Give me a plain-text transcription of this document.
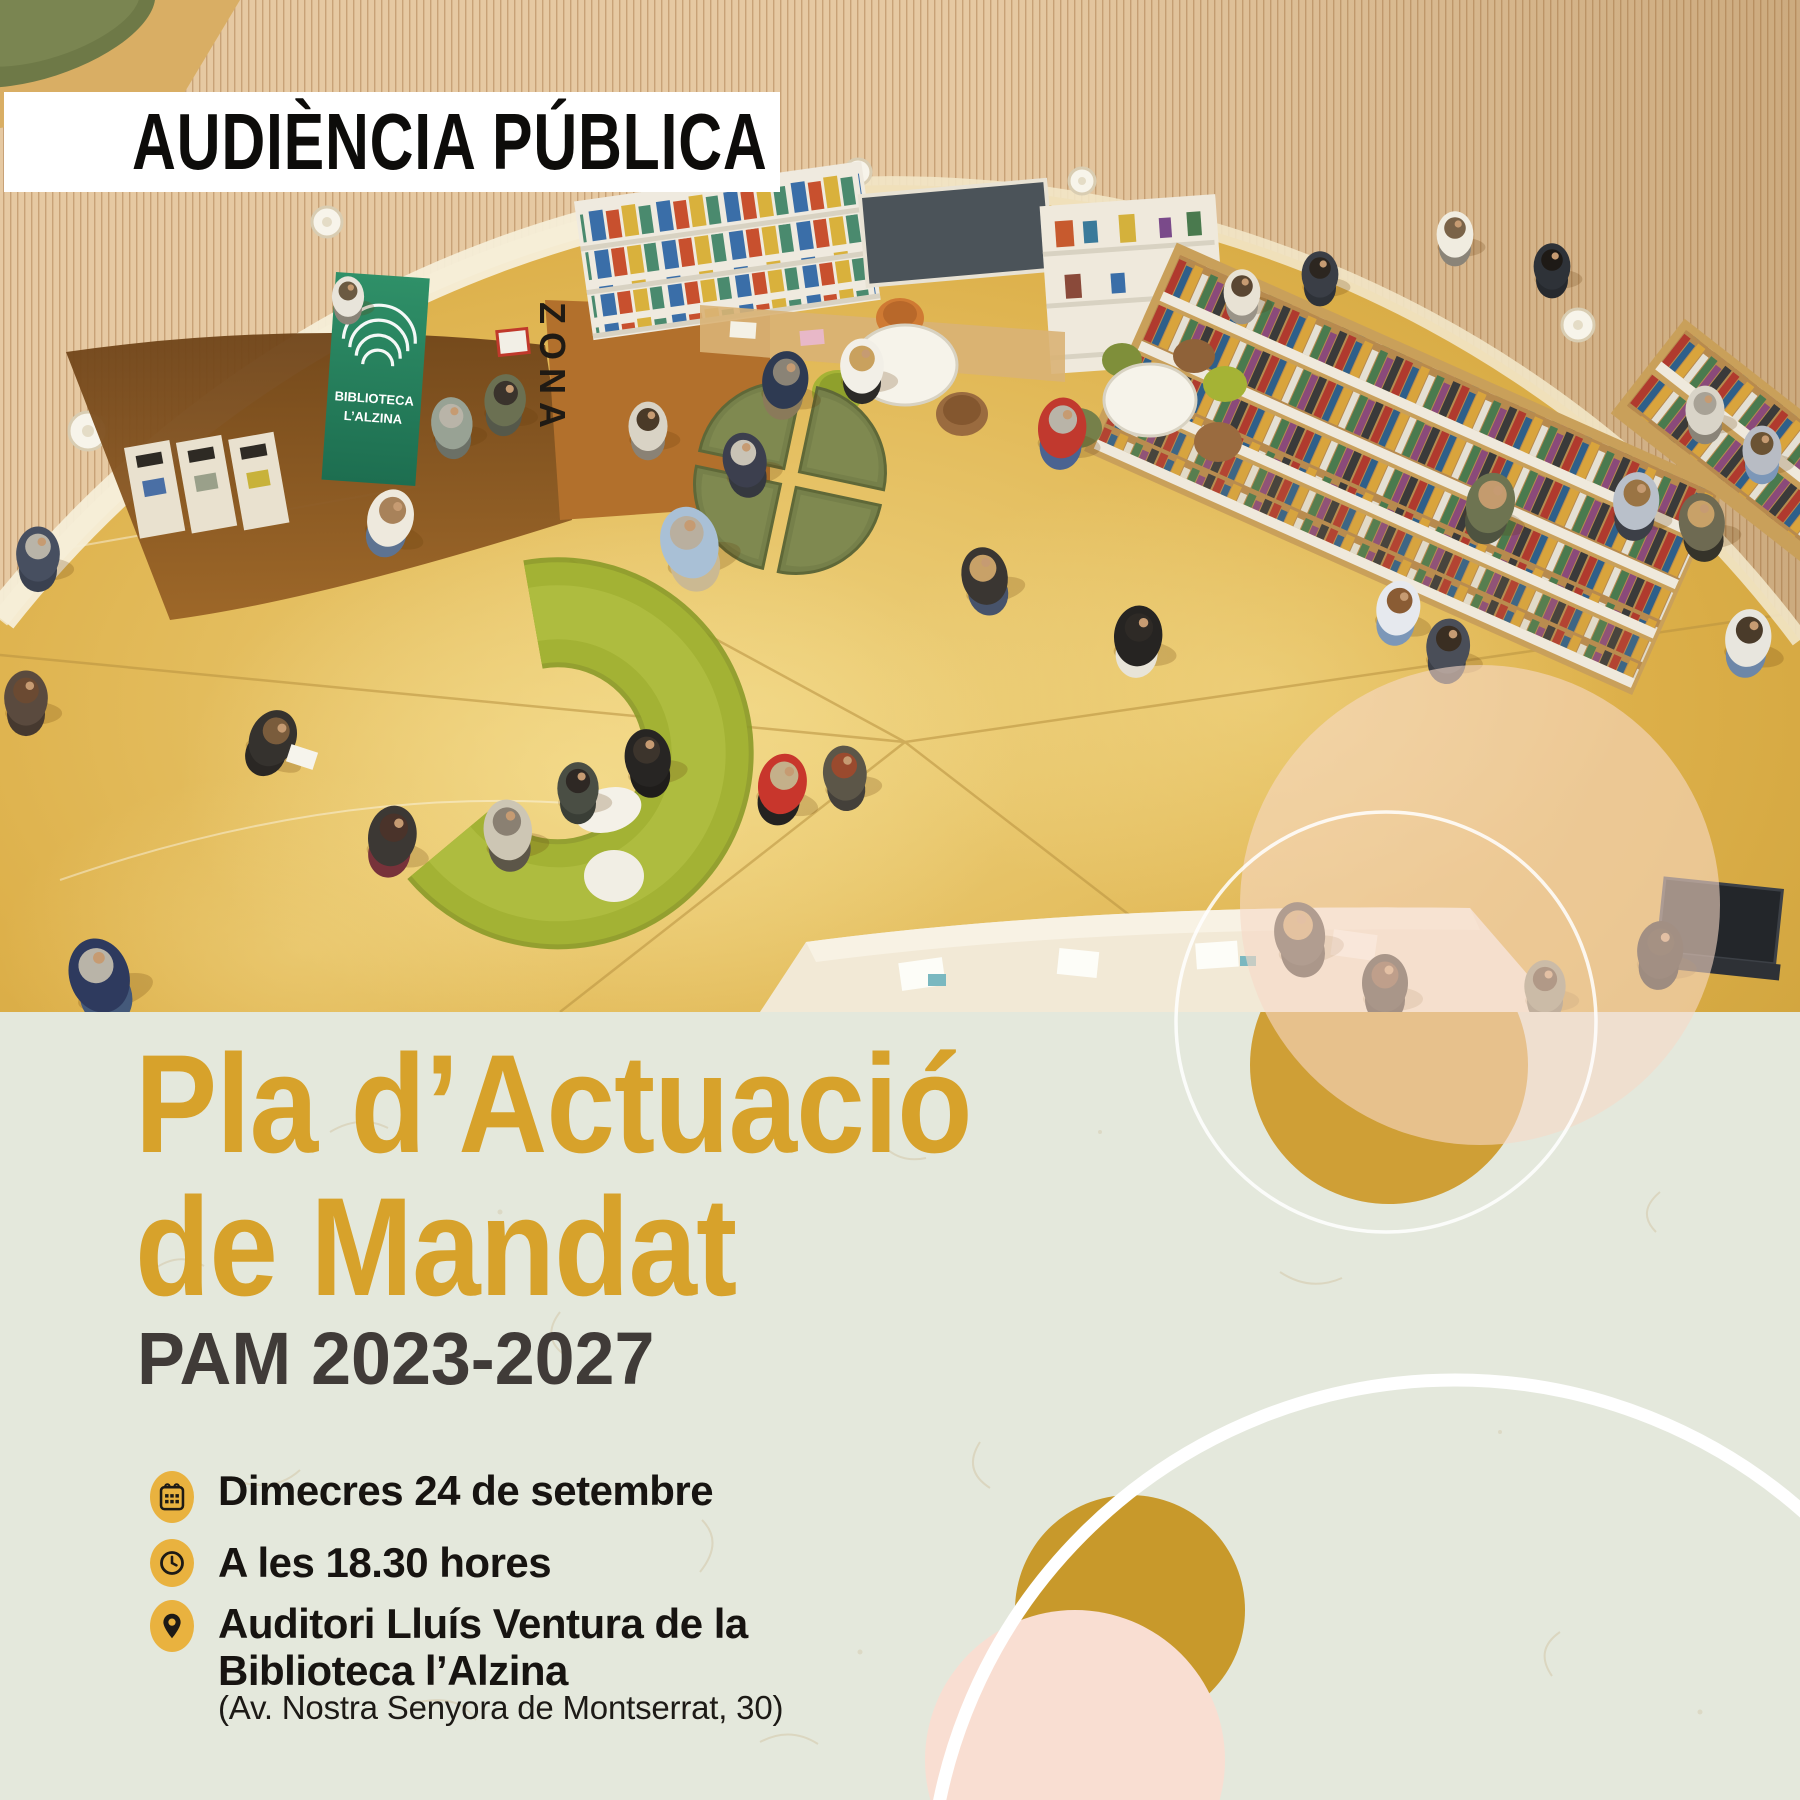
ZONA
BIBLIOTECA
L’ALZINA
AUDIÈNCIA PÚBLICA
Pla d’Actuació
de Mandat
PAM 2023-2027
Dimecres 24 de setembre
A les 18.30 hores
Auditori Lluís Ventura de la
Biblioteca l’Alzina
(Av. Nostra Senyora de Montserrat, 30)
